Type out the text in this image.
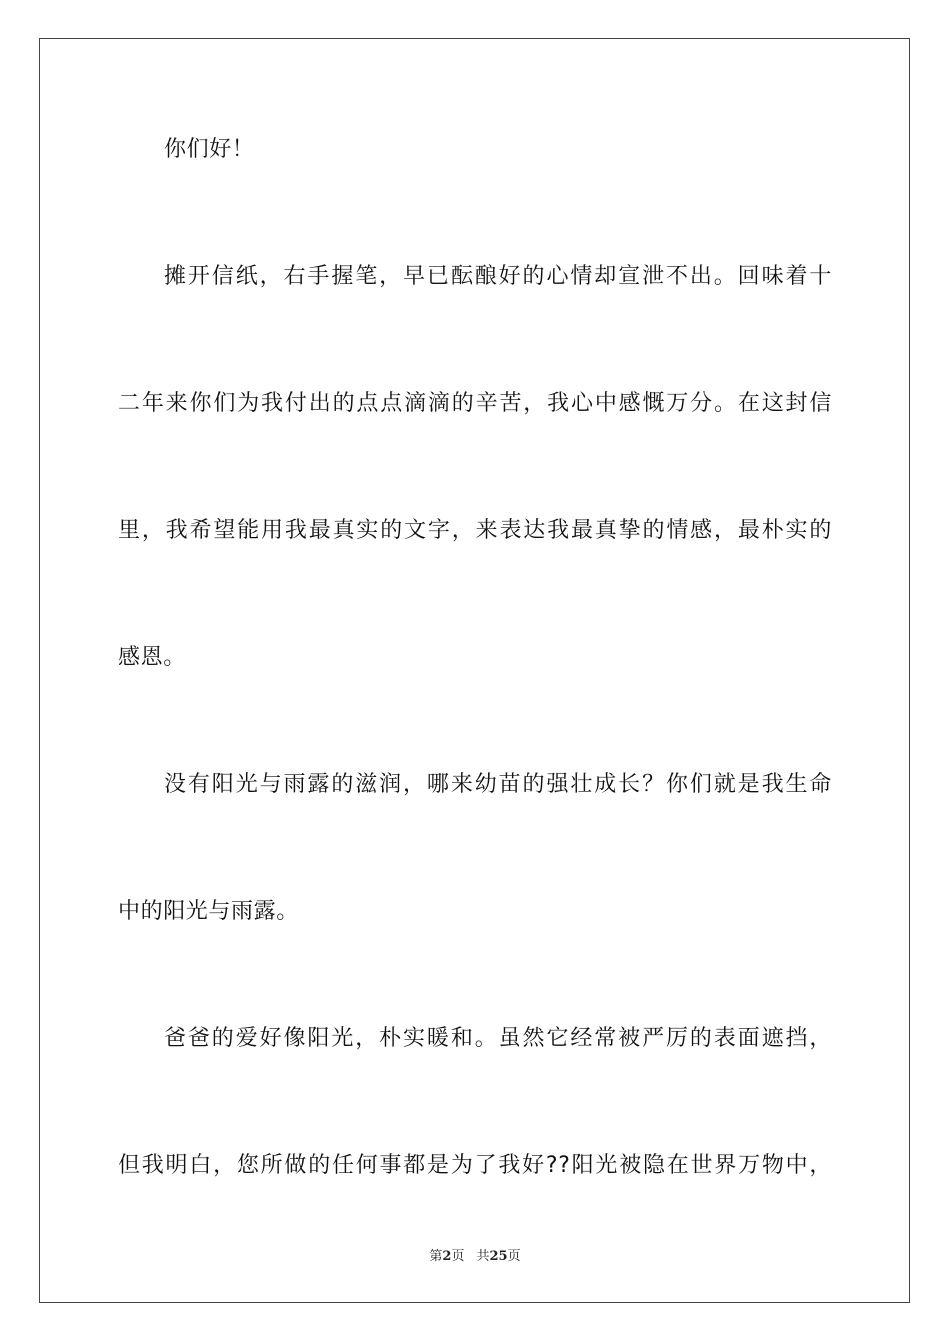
你们好！
摊开信纸，右手握笔，早已酝酿好的心情却宣泄不出。回味着十
二年来你们为我付出的点点滴滴的辛苦，我心中感慨万分。在这封信
里，我希望能用我最真实的文字，来表达我最真挚的情感，最朴实的
感恩。
没有阳光与雨露的滋润，哪来幼苗的强壮成长？你们就是我生命
中的阳光与雨露。
爸爸的爱好像阳光，朴实暖和。虽然它经常被严厉的表面遮挡，
但我明白，您所做的任何事都是为了我好??阳光被隐在世界万物中，
第2页 共25页
